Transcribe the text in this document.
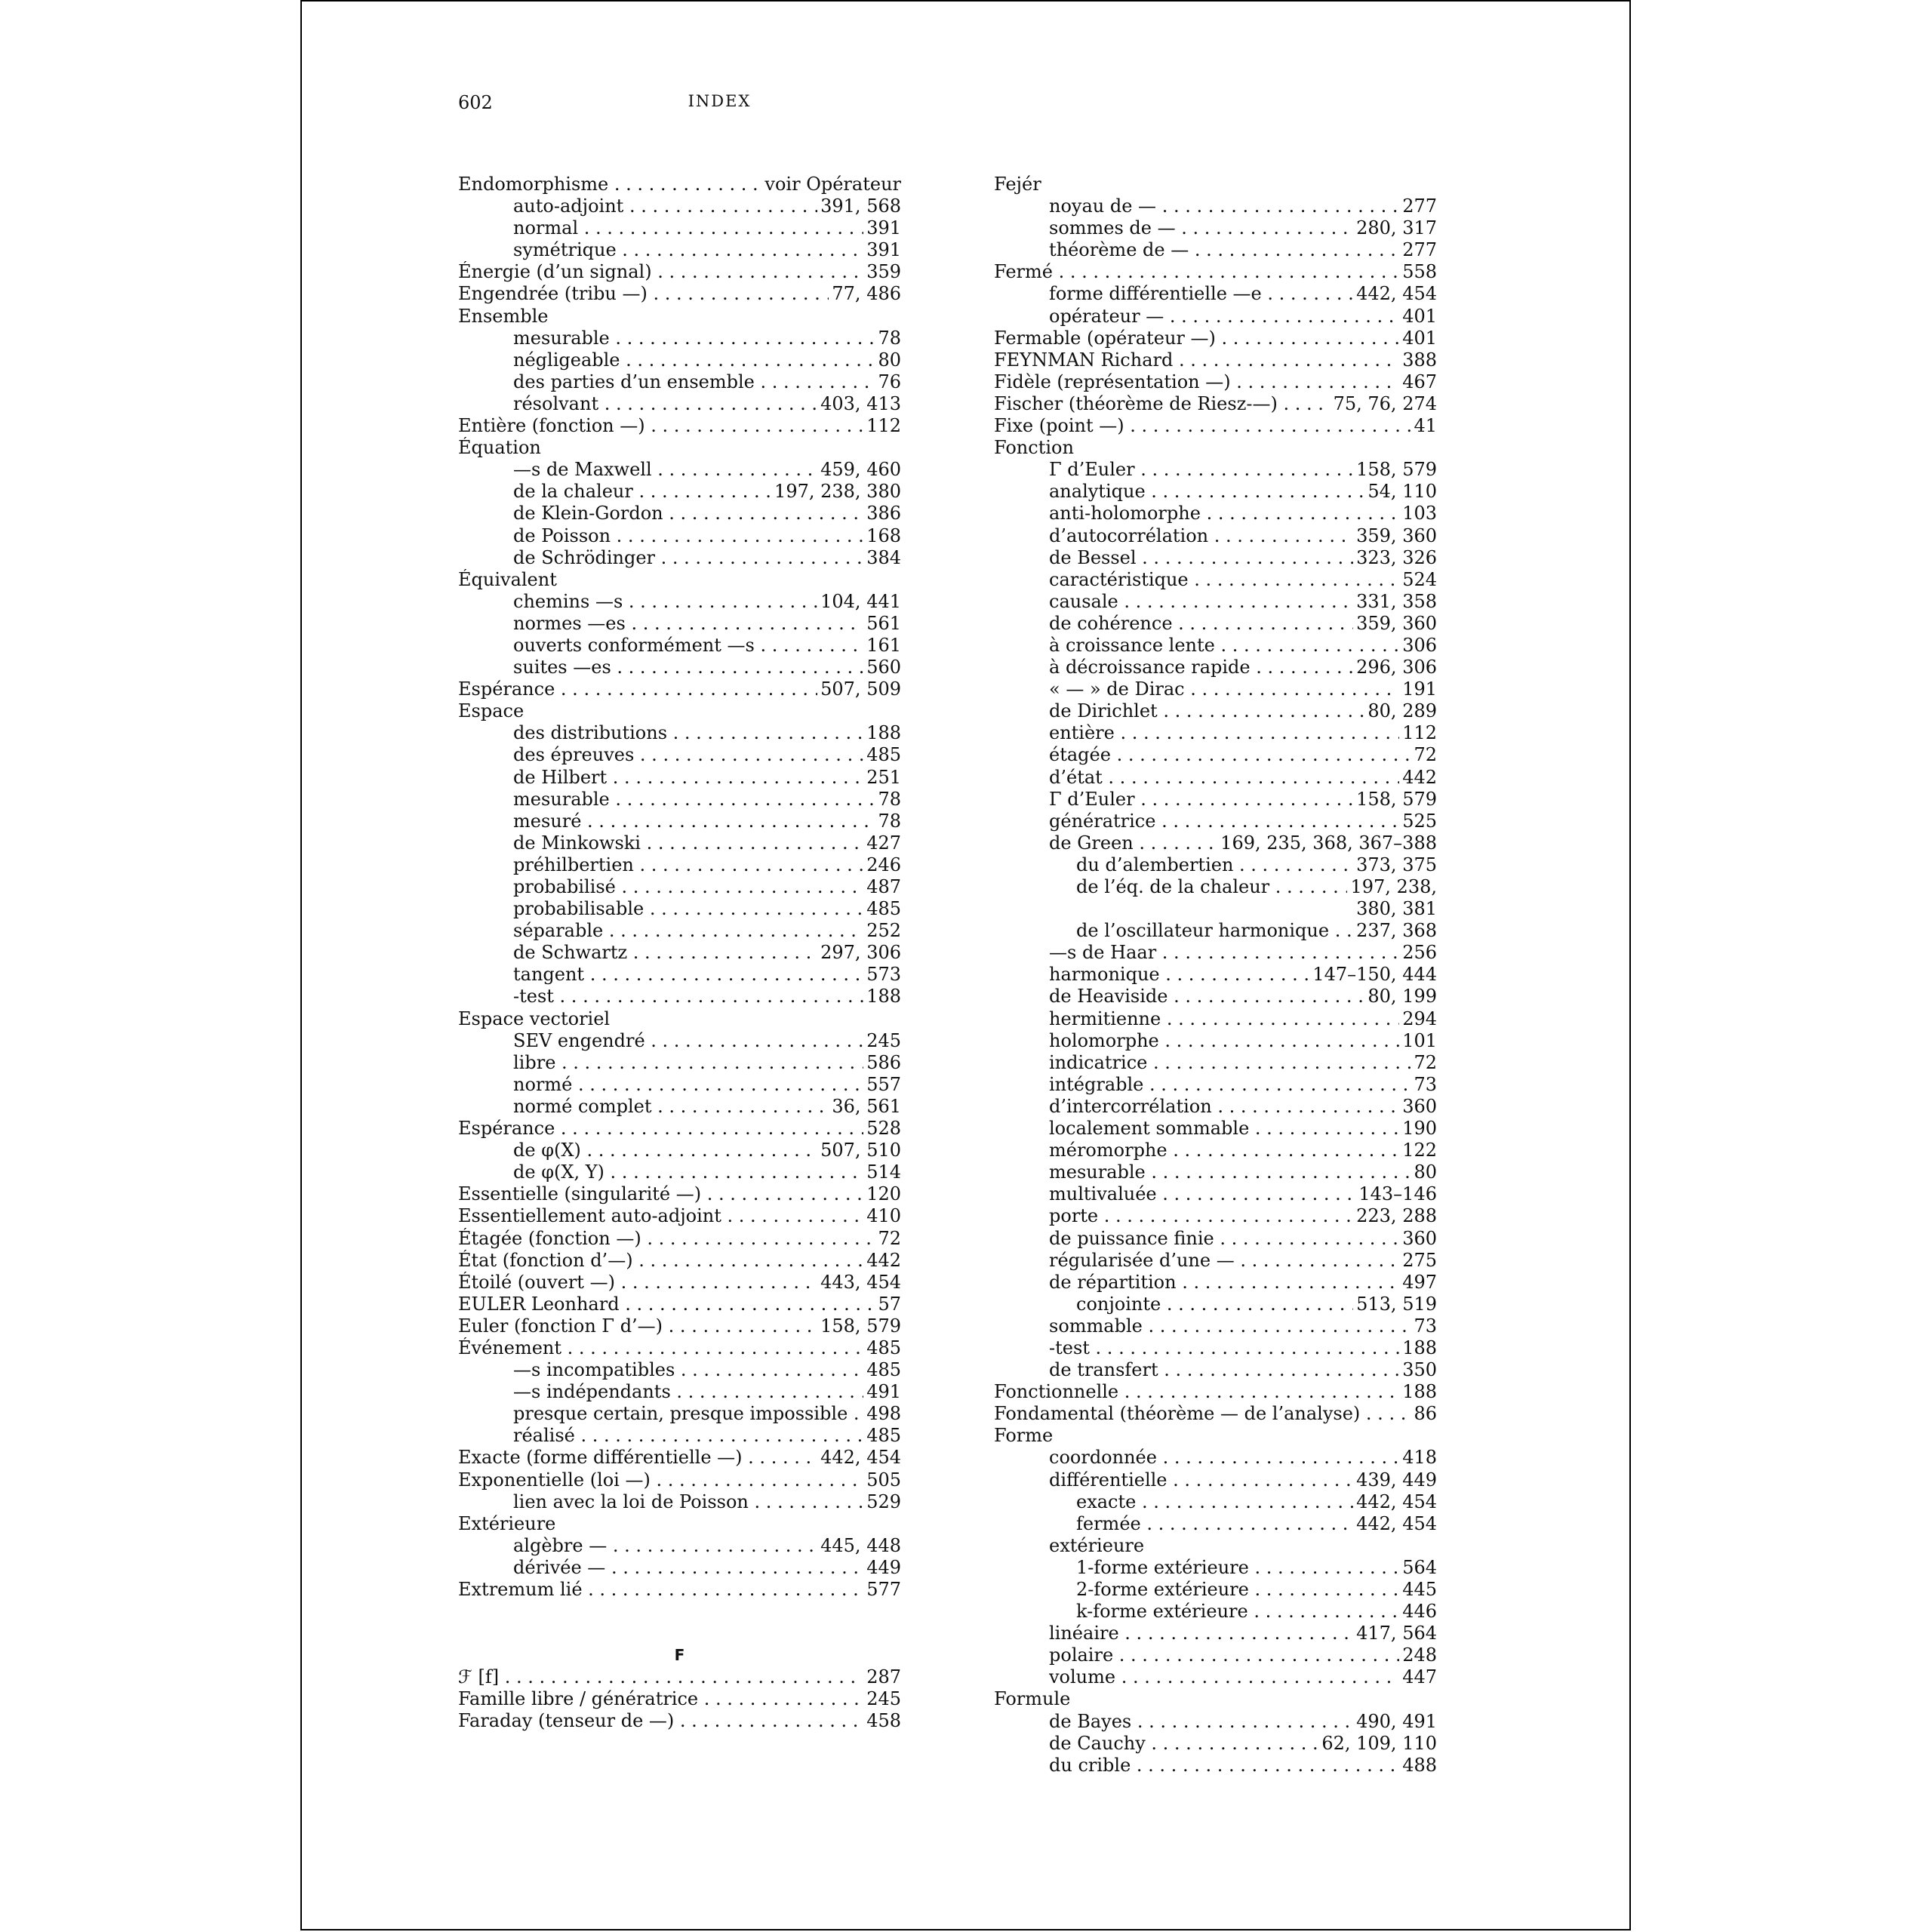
602	INDEX
Endomorphisme . . .	voir Opérateur
auto-adjoint . . .	391, 568
normal . . .	391
symétrique . . .	391
Énergie (d’un signal) . . .	359
Engendrée (tribu —) . . .	77, 486
Ensemble
mesurable . . .	78
négligeable . . .	80
des parties d’un ensemble . . .	76
résolvant . . .	403, 413
Entière (fonction —) . . .	112
Équation
—s de Maxwell . . .	459, 460
de la chaleur . . .	197, 238, 380
de Klein-Gordon . . .	386
de Poisson . . .	168
de Schrödinger . . .	384
Équivalent
chemins —s . . .	104, 441
normes —es . . .	561
ouverts conformément —s . . .	161
suites —es . . .	560
Espérance . . .	507, 509
Espace
des distributions . . .	188
des épreuves . . .	485
de Hilbert . . .	251
mesurable . . .	78
mesuré . . .	78
de Minkowski . . .	427
préhilbertien . . .	246
probabilisé . . .	487
probabilisable . . .	485
séparable . . .	252
de Schwartz . . .	297, 306
tangent . . .	573
-test . . .	188
Espace vectoriel
SEV engendré . . .	245
libre . . .	586
normé . . .	557
normé complet . . .	36, 561
Espérance . . .	528
de φ(X) . . .	507, 510
de φ(X, Y) . . .	514
Essentielle (singularité —) . . .	120
Essentiellement auto-adjoint . . .	410
Étagée (fonction —) . . .	72
État (fonction d’—) . . .	442
Étoilé (ouvert —) . . .	443, 454
EULER Leonhard . . .	57
Euler (fonction Γ d’—) . . .	158, 579
Événement . . .	485
—s incompatibles . . .	485
—s indépendants . . .	491
presque certain, presque impossible . . .	498
réalisé . . .	485
Exacte (forme différentielle —) . . .	442, 454
Exponentielle (loi —) . . .	505
lien avec la loi de Poisson . . .	529
Extérieure
algèbre — . . .	445, 448
dérivée — . . .	449
Extremum lié . . .	577
F
ℱ [f] . . .	287
Famille libre / génératrice . . .	245
Faraday (tenseur de —) . . .	458
Fejér
noyau de — . . .	277
sommes de — . . .	280, 317
théorème de — . . .	277
Fermé . . .	558
forme différentielle —e . . .	442, 454
opérateur — . . .	401
Fermable (opérateur —) . . .	401
FEYNMAN Richard . . .	388
Fidèle (représentation —) . . .	467
Fischer (théorème de Riesz-—) . . .	75, 76, 274
Fixe (point —) . . .	41
Fonction
Γ d’Euler . . .	158, 579
analytique . . .	54, 110
anti-holomorphe . . .	103
d’autocorrélation . . .	359, 360
de Bessel . . .	323, 326
caractéristique . . .	524
causale . . .	331, 358
de cohérence . . .	359, 360
à croissance lente . . .	306
à décroissance rapide . . .	296, 306
« — » de Dirac . . .	191
de Dirichlet . . .	80, 289
entière . . .	112
étagée . . .	72
d’état . . .	442
Γ d’Euler . . .	158, 579
génératrice . . .	525
de Green . . .	169, 235, 368, 367–388
du d’alembertien . . .	373, 375
de l’éq. de la chaleur . . .	197, 238,
380, 381
de l’oscillateur harmonique . . .	237, 368
—s de Haar . . .	256
harmonique . . .	147–150, 444
de Heaviside . . .	80, 199
hermitienne . . .	294
holomorphe . . .	101
indicatrice . . .	72
intégrable . . .	73
d’intercorrélation . . .	360
localement sommable . . .	190
méromorphe . . .	122
mesurable . . .	80
multivaluée . . .	143–146
porte . . .	223, 288
de puissance finie . . .	360
régularisée d’une — . . .	275
de répartition . . .	497
conjointe . . .	513, 519
sommable . . .	73
-test . . .	188
de transfert . . .	350
Fonctionnelle . . .	188
Fondamental (théorème — de l’analyse) . . .	86
Forme
coordonnée . . .	418
différentielle . . .	439, 449
exacte . . .	442, 454
fermée . . .	442, 454
extérieure
1-forme extérieure . . .	564
2-forme extérieure . . .	445
k-forme extérieure . . .	446
linéaire . . .	417, 564
polaire . . .	248
volume . . .	447
Formule
de Bayes . . .	490, 491
de Cauchy . . .	62, 109, 110
du crible . . .	488
